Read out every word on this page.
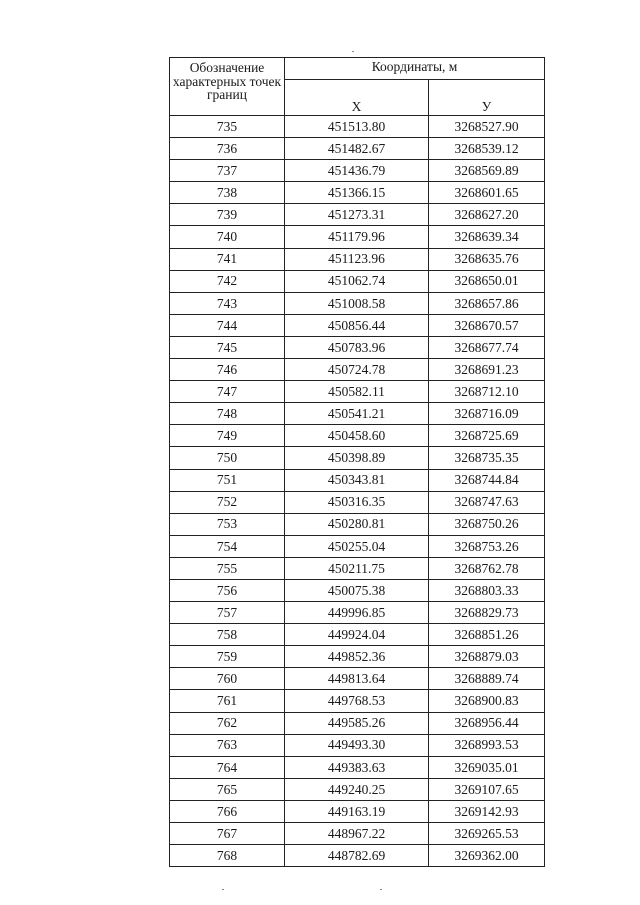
Обозначение характерных точек границ	Координаты, м	
	X	У
735	451513.80	3268527.90
736	451482.67	3268539.12
737	451436.79	3268569.89
738	451366.15	3268601.65
739	451273.31	3268627.20
740	451179.96	3268639.34
741	451123.96	3268635.76
742	451062.74	3268650.01
743	451008.58	3268657.86
744	450856.44	3268670.57
745	450783.96	3268677.74
746	450724.78	3268691.23
747	450582.11	3268712.10
748	450541.21	3268716.09
749	450458.60	3268725.69
750	450398.89	3268735.35
751	450343.81	3268744.84
752	450316.35	3268747.63
753	450280.81	3268750.26
754	450255.04	3268753.26
755	450211.75	3268762.78
756	450075.38	3268803.33
757	449996.85	3268829.73
758	449924.04	3268851.26
759	449852.36	3268879.03
760	449813.64	3268889.74
761	449768.53	3268900.83
762	449585.26	3268956.44
763	449493.30	3268993.53
764	449383.63	3269035.01
765	449240.25	3269107.65
766	449163.19	3269142.93
767	448967.22	3269265.53
768	448782.69	3269362.00
